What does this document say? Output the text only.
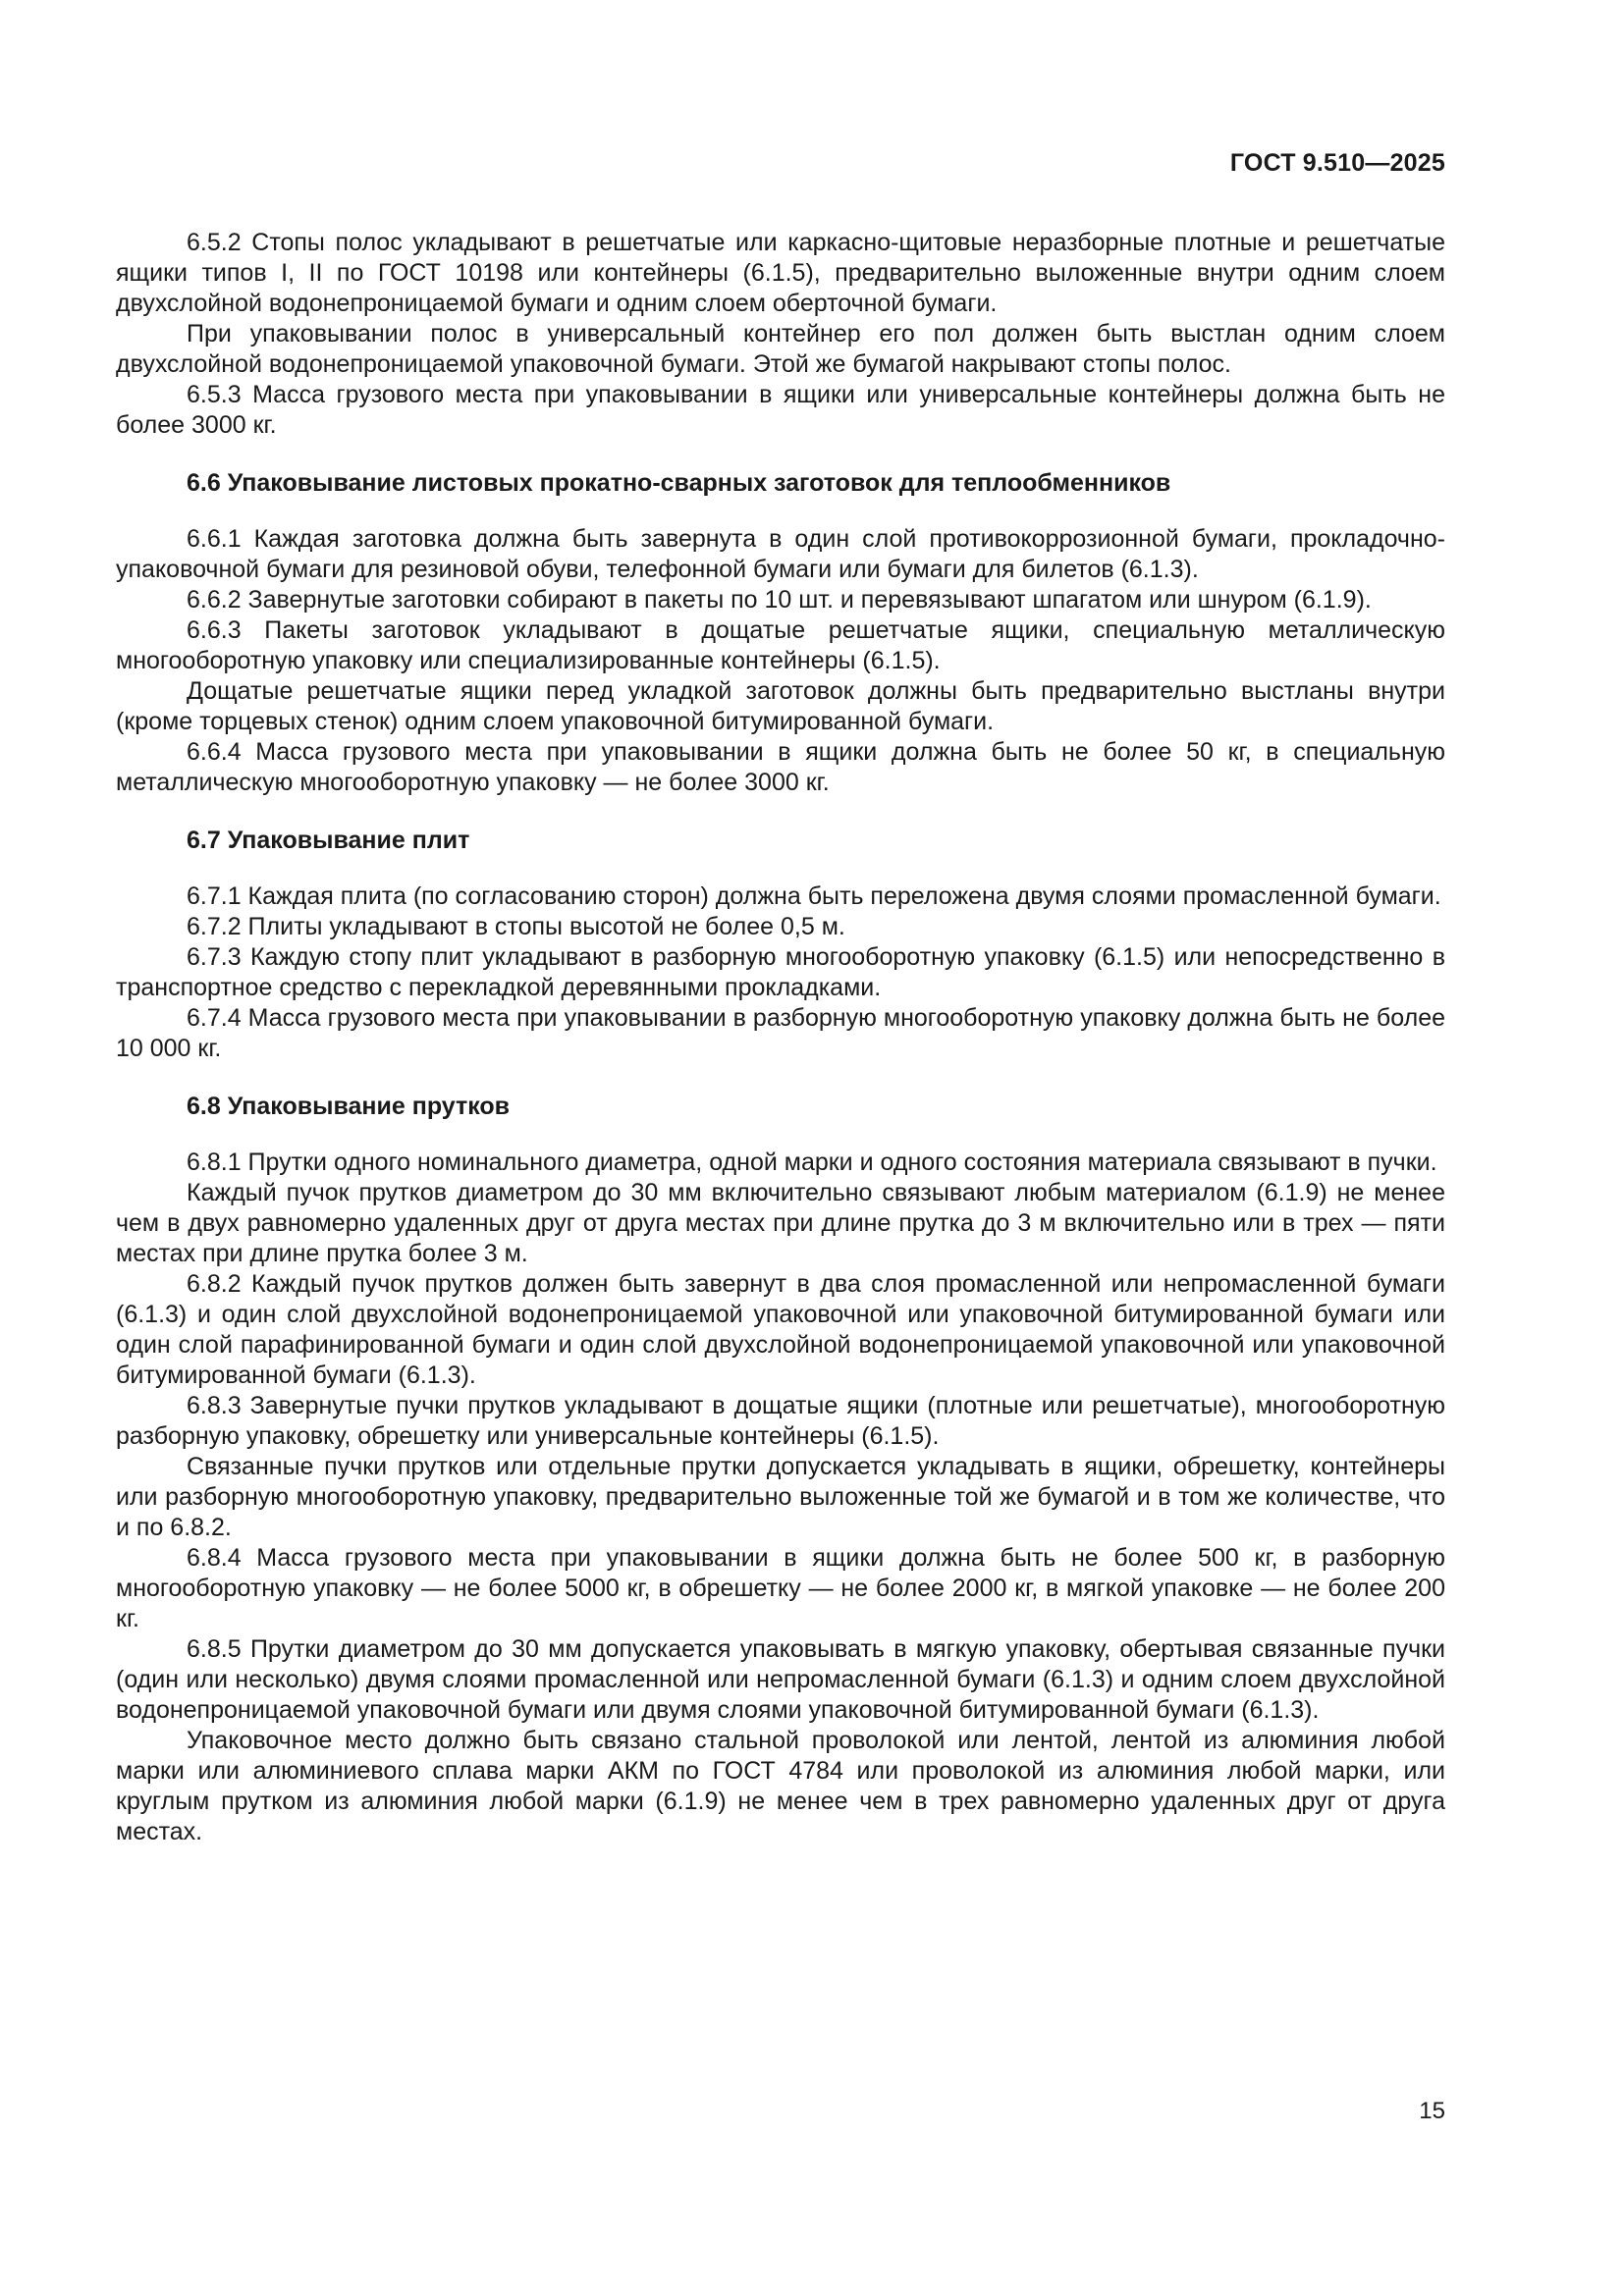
ГОСТ 9.510—2025

6.5.2 Стопы полос укладывают в решетчатые или каркасно-щитовые неразборные плотные и решетчатые ящики типов I, II по ГОСТ 10198 или контейнеры (6.1.5), предварительно выложенные внутри одним слоем двухслойной водонепроницаемой бумаги и одним слоем оберточной бумаги.

При упаковывании полос в универсальный контейнер его пол должен быть выстлан одним слоем двухслойной водонепроницаемой упаковочной бумаги. Этой же бумагой накрывают стопы полос.

6.5.3 Масса грузового места при упаковывании в ящики или универсальные контейнеры должна быть не более 3000 кг.

6.6 Упаковывание листовых прокатно-сварных заготовок для теплообменников

6.6.1 Каждая заготовка должна быть завернута в один слой противокоррозионной бумаги, прокладочно-упаковочной бумаги для резиновой обуви, телефонной бумаги или бумаги для билетов (6.1.3).

6.6.2 Завернутые заготовки собирают в пакеты по 10 шт. и перевязывают шпагатом или шнуром (6.1.9).

6.6.3 Пакеты заготовок укладывают в дощатые решетчатые ящики, специальную металлическую многооборотную упаковку или специализированные контейнеры (6.1.5).

Дощатые решетчатые ящики перед укладкой заготовок должны быть предварительно выстланы внутри (кроме торцевых стенок) одним слоем упаковочной битумированной бумаги.

6.6.4 Масса грузового места при упаковывании в ящики должна быть не более 50 кг, в специальную металлическую многооборотную упаковку — не более 3000 кг.

6.7 Упаковывание плит

6.7.1 Каждая плита (по согласованию сторон) должна быть переложена двумя слоями промасленной бумаги.

6.7.2 Плиты укладывают в стопы высотой не более 0,5 м.

6.7.3 Каждую стопу плит укладывают в разборную многооборотную упаковку (6.1.5) или непосредственно в транспортное средство с перекладкой деревянными прокладками.

6.7.4 Масса грузового места при упаковывании в разборную многооборотную упаковку должна быть не более 10 000 кг.

6.8 Упаковывание прутков

6.8.1 Прутки одного номинального диаметра, одной марки и одного состояния материала связывают в пучки.

Каждый пучок прутков диаметром до 30 мм включительно связывают любым материалом (6.1.9) не менее чем в двух равномерно удаленных друг от друга местах при длине прутка до 3 м включительно или в трех — пяти местах при длине прутка более 3 м.

6.8.2 Каждый пучок прутков должен быть завернут в два слоя промасленной или непромасленной бумаги (6.1.3) и один слой двухслойной водонепроницаемой упаковочной или упаковочной битумированной бумаги или один слой парафинированной бумаги и один слой двухслойной водонепроницаемой упаковочной или упаковочной битумированной бумаги (6.1.3).

6.8.3 Завернутые пучки прутков укладывают в дощатые ящики (плотные или решетчатые), многооборотную разборную упаковку, обрешетку или универсальные контейнеры (6.1.5).

Связанные пучки прутков или отдельные прутки допускается укладывать в ящики, обрешетку, контейнеры или разборную многооборотную упаковку, предварительно выложенные той же бумагой и в том же количестве, что и по 6.8.2.

6.8.4 Масса грузового места при упаковывании в ящики должна быть не более 500 кг, в разборную многооборотную упаковку — не более 5000 кг, в обрешетку — не более 2000 кг, в мягкой упаковке — не более 200 кг.

6.8.5 Прутки диаметром до 30 мм допускается упаковывать в мягкую упаковку, обертывая связанные пучки (один или несколько) двумя слоями промасленной или непромасленной бумаги (6.1.3) и одним слоем двухслойной водонепроницаемой упаковочной бумаги или двумя слоями упаковочной битумированной бумаги (6.1.3).

Упаковочное место должно быть связано стальной проволокой или лентой, лентой из алюминия любой марки или алюминиевого сплава марки АКМ по ГОСТ 4784 или проволокой из алюминия любой марки, или круглым прутком из алюминия любой марки (6.1.9) не менее чем в трех равномерно удаленных друг от друга местах.

15
